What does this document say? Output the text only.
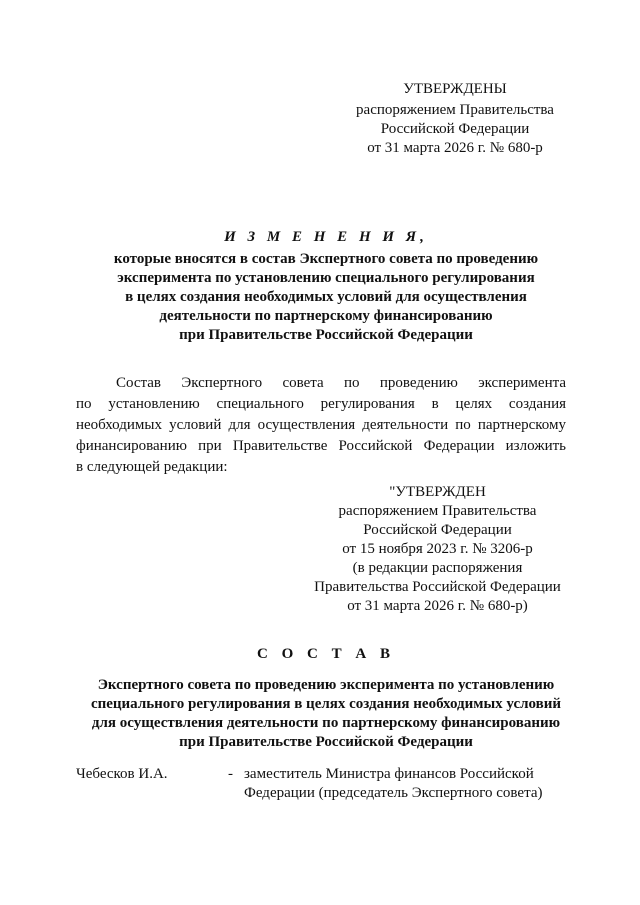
УТВЕРЖДЕНЫ
распоряжением Правительства
Российской Федерации
от 31 марта 2026 г. № 680-р
И З М Е Н Е Н И Я,
которые вносятся в состав Экспертного совета по проведению
эксперимента по установлению специального регулирования
в целях создания необходимых условий для осуществления
деятельности по партнерскому финансированию
при Правительстве Российской Федерации
Состав Экспертного совета по проведению эксперимента
по установлению специального регулирования в целях создания
необходимых условий для осуществления деятельности по партнерскому
финансированию при Правительстве Российской Федерации изложить
в следующей редакции:
"УТВЕРЖДЕН
распоряжением Правительства
Российской Федерации
от 15 ноября 2023 г. № 3206-р
(в редакции распоряжения
Правительства Российской Федерации
от 31 марта 2026 г. № 680-р)
С О С Т А В
Экспертного совета по проведению эксперимента по установлению
специального регулирования в целях создания необходимых условий
для осуществления деятельности по партнерскому финансированию
при Правительстве Российской Федерации
Чебесков И.А.	- заместитель Министра финансов Российской
Федерации (председатель Экспертного совета)
